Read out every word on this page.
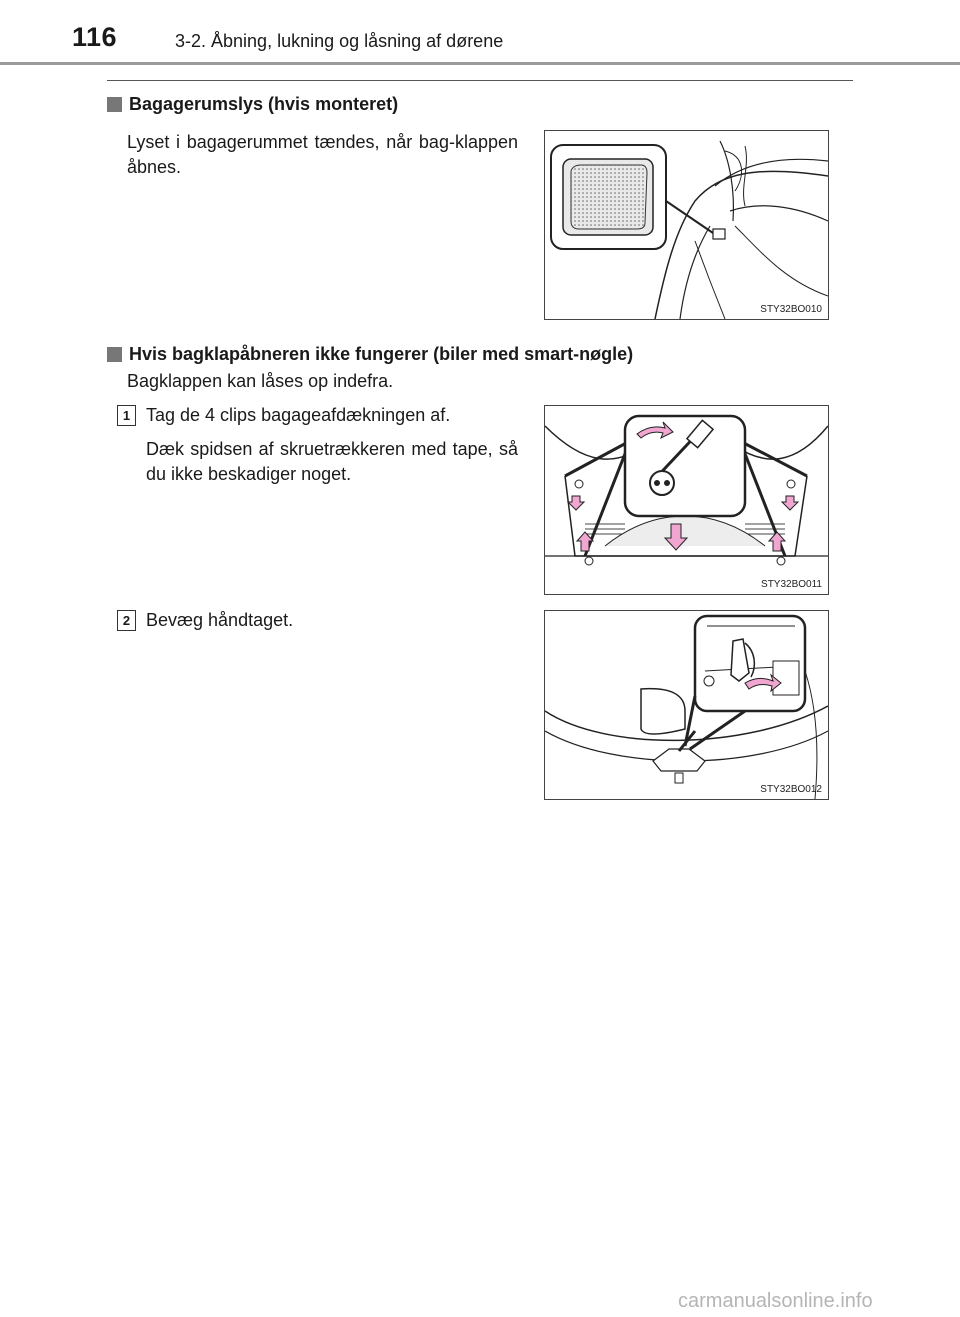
116	3-2. Åbning, lukning og låsning af dørene
Bagagerumslys (hvis monteret)
Lyset i bagagerummet tændes, når bag-klappen åbnes.
STY32BO010
Hvis bagklapåbneren ikke fungerer (biler med smart-nøgle)
Bagklappen kan låses op indefra.
1 Tag de 4 clips bagageafdækningen af.
Dæk spidsen af skruetrækkeren med tape, så du ikke beskadiger noget.
STY32BO011
2 Bevæg håndtaget.
STY32BO012
carmanualsonline.info
